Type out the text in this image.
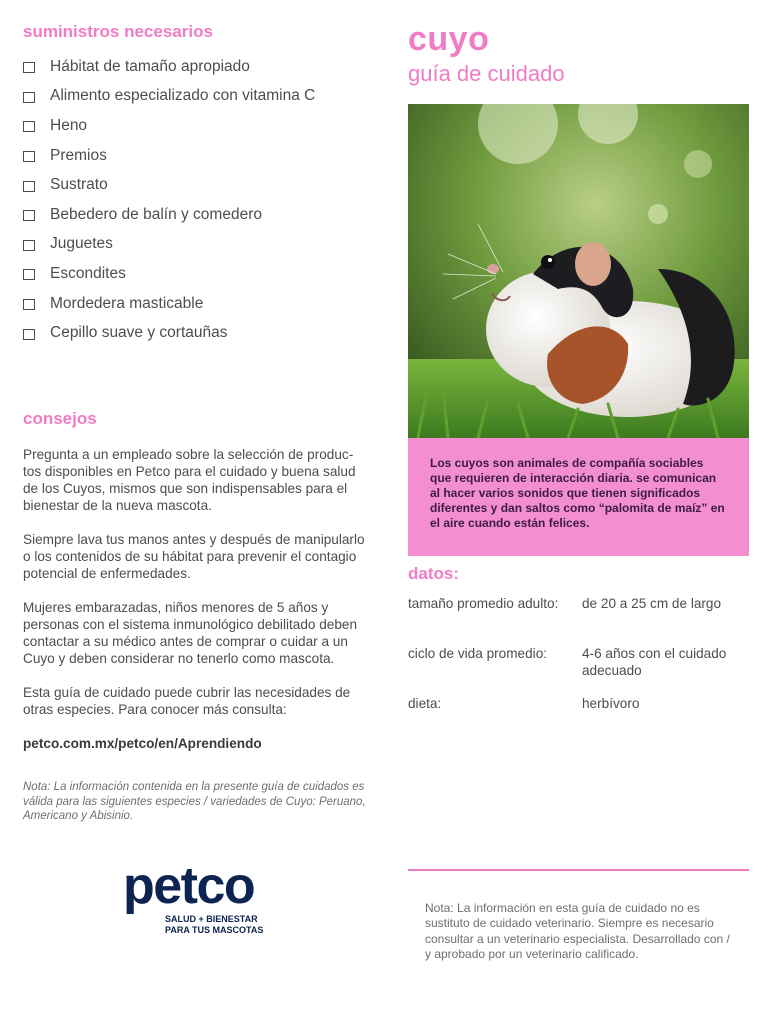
suministros necesarios
Hábitat de tamaño apropiado
Alimento especializado con vitamina C
Heno
Premios
Sustrato
Bebedero de balín y comedero
Juguetes
Escondites
Mordedera masticable
Cepillo suave y cortauñas
consejos

Pregunta a un empleado sobre la selección de produc-tos disponibles en Petco para el cuidado y buena salud de los Cuyos, mismos que son indispensables para el bienestar de la nueva mascota.

Siempre lava tus manos antes y después de manipularlo o los contenidos de su hábitat para prevenir el contagio potencial de enfermedades.

Mujeres embarazadas, niños menores de 5 años y personas con el sistema inmunológico debilitado deben contactar a su médico antes de comprar o cuidar a un Cuyo y deben considerar no tenerlo como mascota.

Esta guía de cuidado puede cubrir las necesidades de otras especies. Para conocer más consulta:

petco.com.mx/petco/en/Aprendiendo

Nota: La información contenida en la presente guía de cuidados es válida para las siguientes especies / variedades de Cuyo: Peruano, Americano y Abisinio.
petco
SALUD + BIENESTAR
PARA TUS MASCOTAS
cuyo
guía de cuidado

Los cuyos son animales de compañía sociables que requieren de interacción diaria. se comunican al hacer varios sonidos que tienen significados diferentes y dan saltos como “palomita de maíz” en el aire cuando están felices.

datos:
tamaño promedio adulto:	de 20 a 25 cm de largo
ciclo de vida promedio:	4-6 años con el cuidado adecuado
dieta:	herbívoro
Nota: La información en esta guía de cuidado no es sustituto de cuidado veterinario. Siempre es necesario consultar a un veterinario especialista. Desarrollado con / y aprobado por un veterinario calificado.
